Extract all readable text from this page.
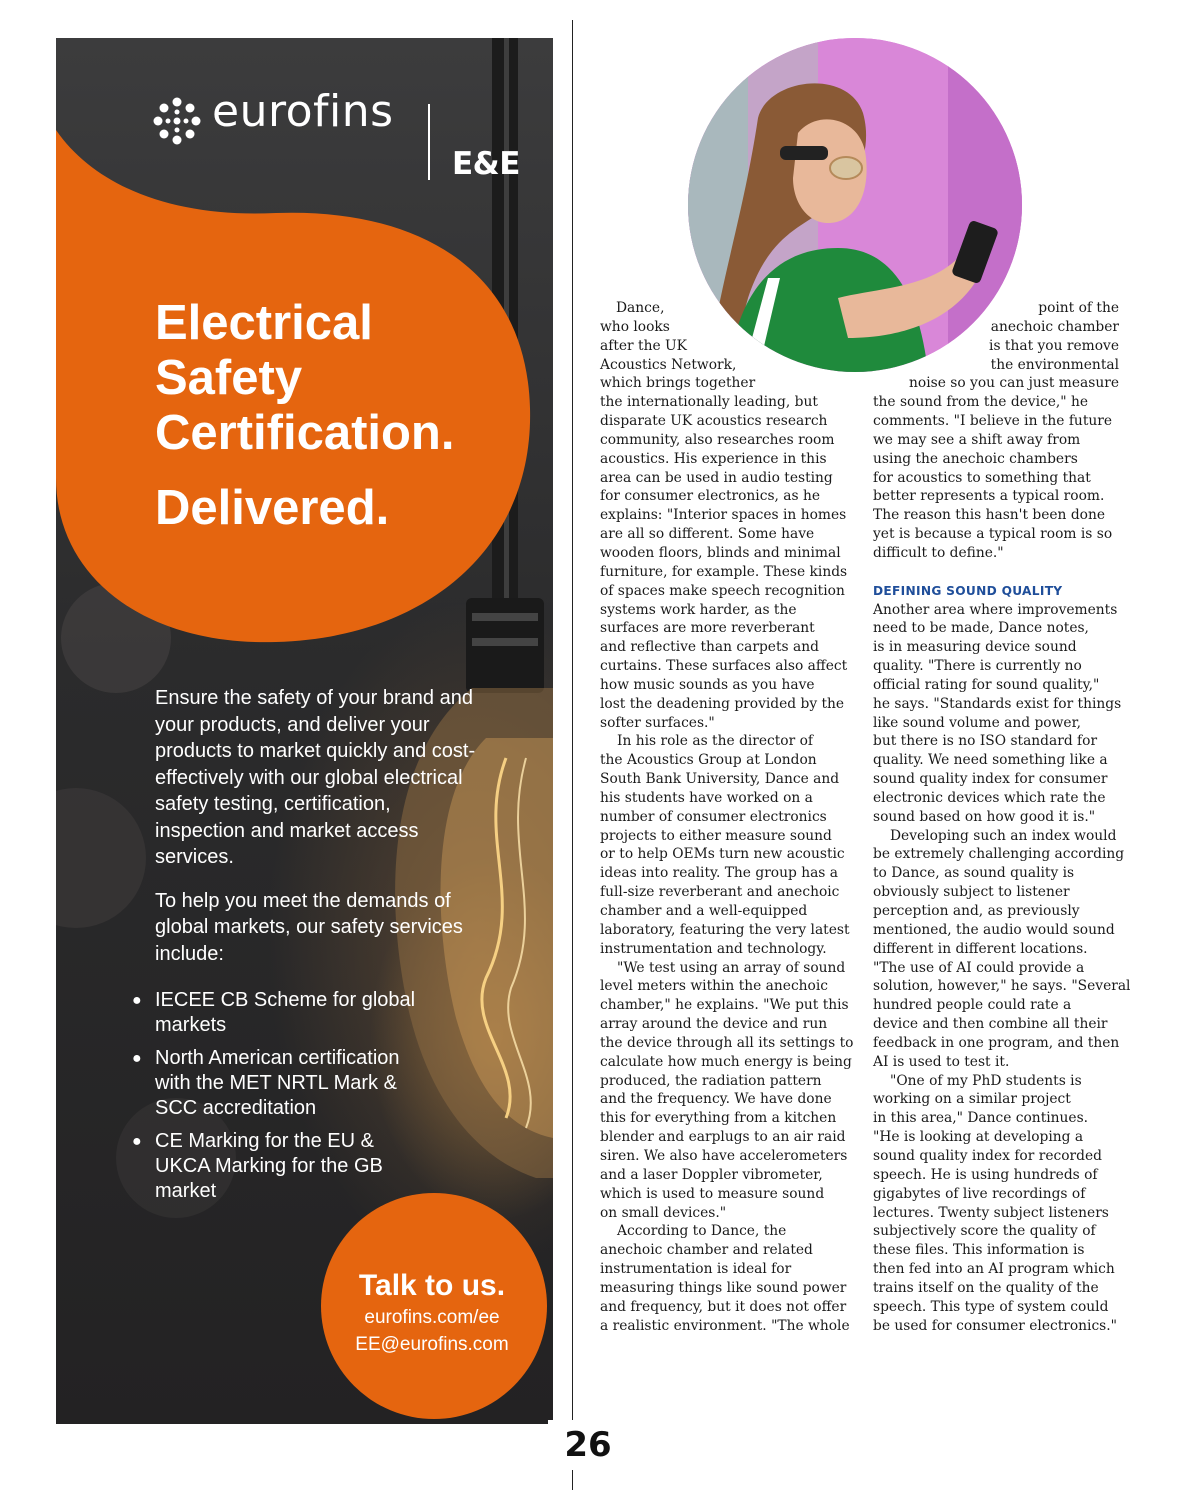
eurofins
E&E
Electrical
Safety
Certification.
Delivered.

Ensure the safety of your brand and your products, and deliver your products to market quickly and cost-effectively with our global electrical safety testing, certification, inspection and market access services.

To help you meet the demands of global markets, our safety services include:

● IECEE CB Scheme for global markets
● North American certification with the MET NRTL Mark & SCC accreditation
● CE Marking for the EU & UKCA Marking for the GB market
Talk to us.
eurofins.com/ee
EE@eurofins.com
26
Dance,
who looks
after the UK
Acoustics Network,
which brings together
the internationally leading, but
disparate UK acoustics research
community, also researches room
acoustics. His experience in this
area can be used in audio testing
for consumer electronics, as he
explains: "Interior spaces in homes
are all so different. Some have
wooden floors, blinds and minimal
furniture, for example. These kinds
of spaces make speech recognition
systems work harder, as the
surfaces are more reverberant
and reflective than carpets and
curtains. These surfaces also affect
how music sounds as you have
lost the deadening provided by the
softer surfaces."
In his role as the director of
the Acoustics Group at London
South Bank University, Dance and
his students have worked on a
number of consumer electronics
projects to either measure sound
or to help OEMs turn new acoustic
ideas into reality. The group has a
full-size reverberant and anechoic
chamber and a well-equipped
laboratory, featuring the very latest
instrumentation and technology.
"We test using an array of sound
level meters within the anechoic
chamber," he explains. "We put this
array around the device and run
the device through all its settings to
calculate how much energy is being
produced, the radiation pattern
and the frequency. We have done
this for everything from a kitchen
blender and earplugs to an air raid
siren. We also have accelerometers
and a laser Doppler vibrometer,
which is used to measure sound
on small devices."
According to Dance, the
anechoic chamber and related
instrumentation is ideal for
measuring things like sound power
and frequency, but it does not offer
a realistic environment. "The whole
point of the
anechoic chamber
is that you remove
the environmental
noise so you can just measure
the sound from the device," he
comments. "I believe in the future
we may see a shift away from
using the anechoic chambers
for acoustics to something that
better represents a typical room.
The reason this hasn't been done
yet is because a typical room is so
difficult to define."
DEFINING SOUND QUALITY
Another area where improvements
need to be made, Dance notes,
is in measuring device sound
quality. "There is currently no
official rating for sound quality,"
he says. "Standards exist for things
like sound volume and power,
but there is no ISO standard for
quality. We need something like a
sound quality index for consumer
electronic devices which rate the
sound based on how good it is."
Developing such an index would
be extremely challenging according
to Dance, as sound quality is
obviously subject to listener
perception and, as previously
mentioned, the audio would sound
different in different locations.
"The use of AI could provide a
solution, however," he says. "Several
hundred people could rate a
device and then combine all their
feedback in one program, and then
AI is used to test it.
"One of my PhD students is
working on a similar project
in this area," Dance continues.
"He is looking at developing a
sound quality index for recorded
speech. He is using hundreds of
gigabytes of live recordings of
lectures. Twenty subject listeners
subjectively score the quality of
these files. This information is
then fed into an AI program which
trains itself on the quality of the
speech. This type of system could
be used for consumer electronics."
